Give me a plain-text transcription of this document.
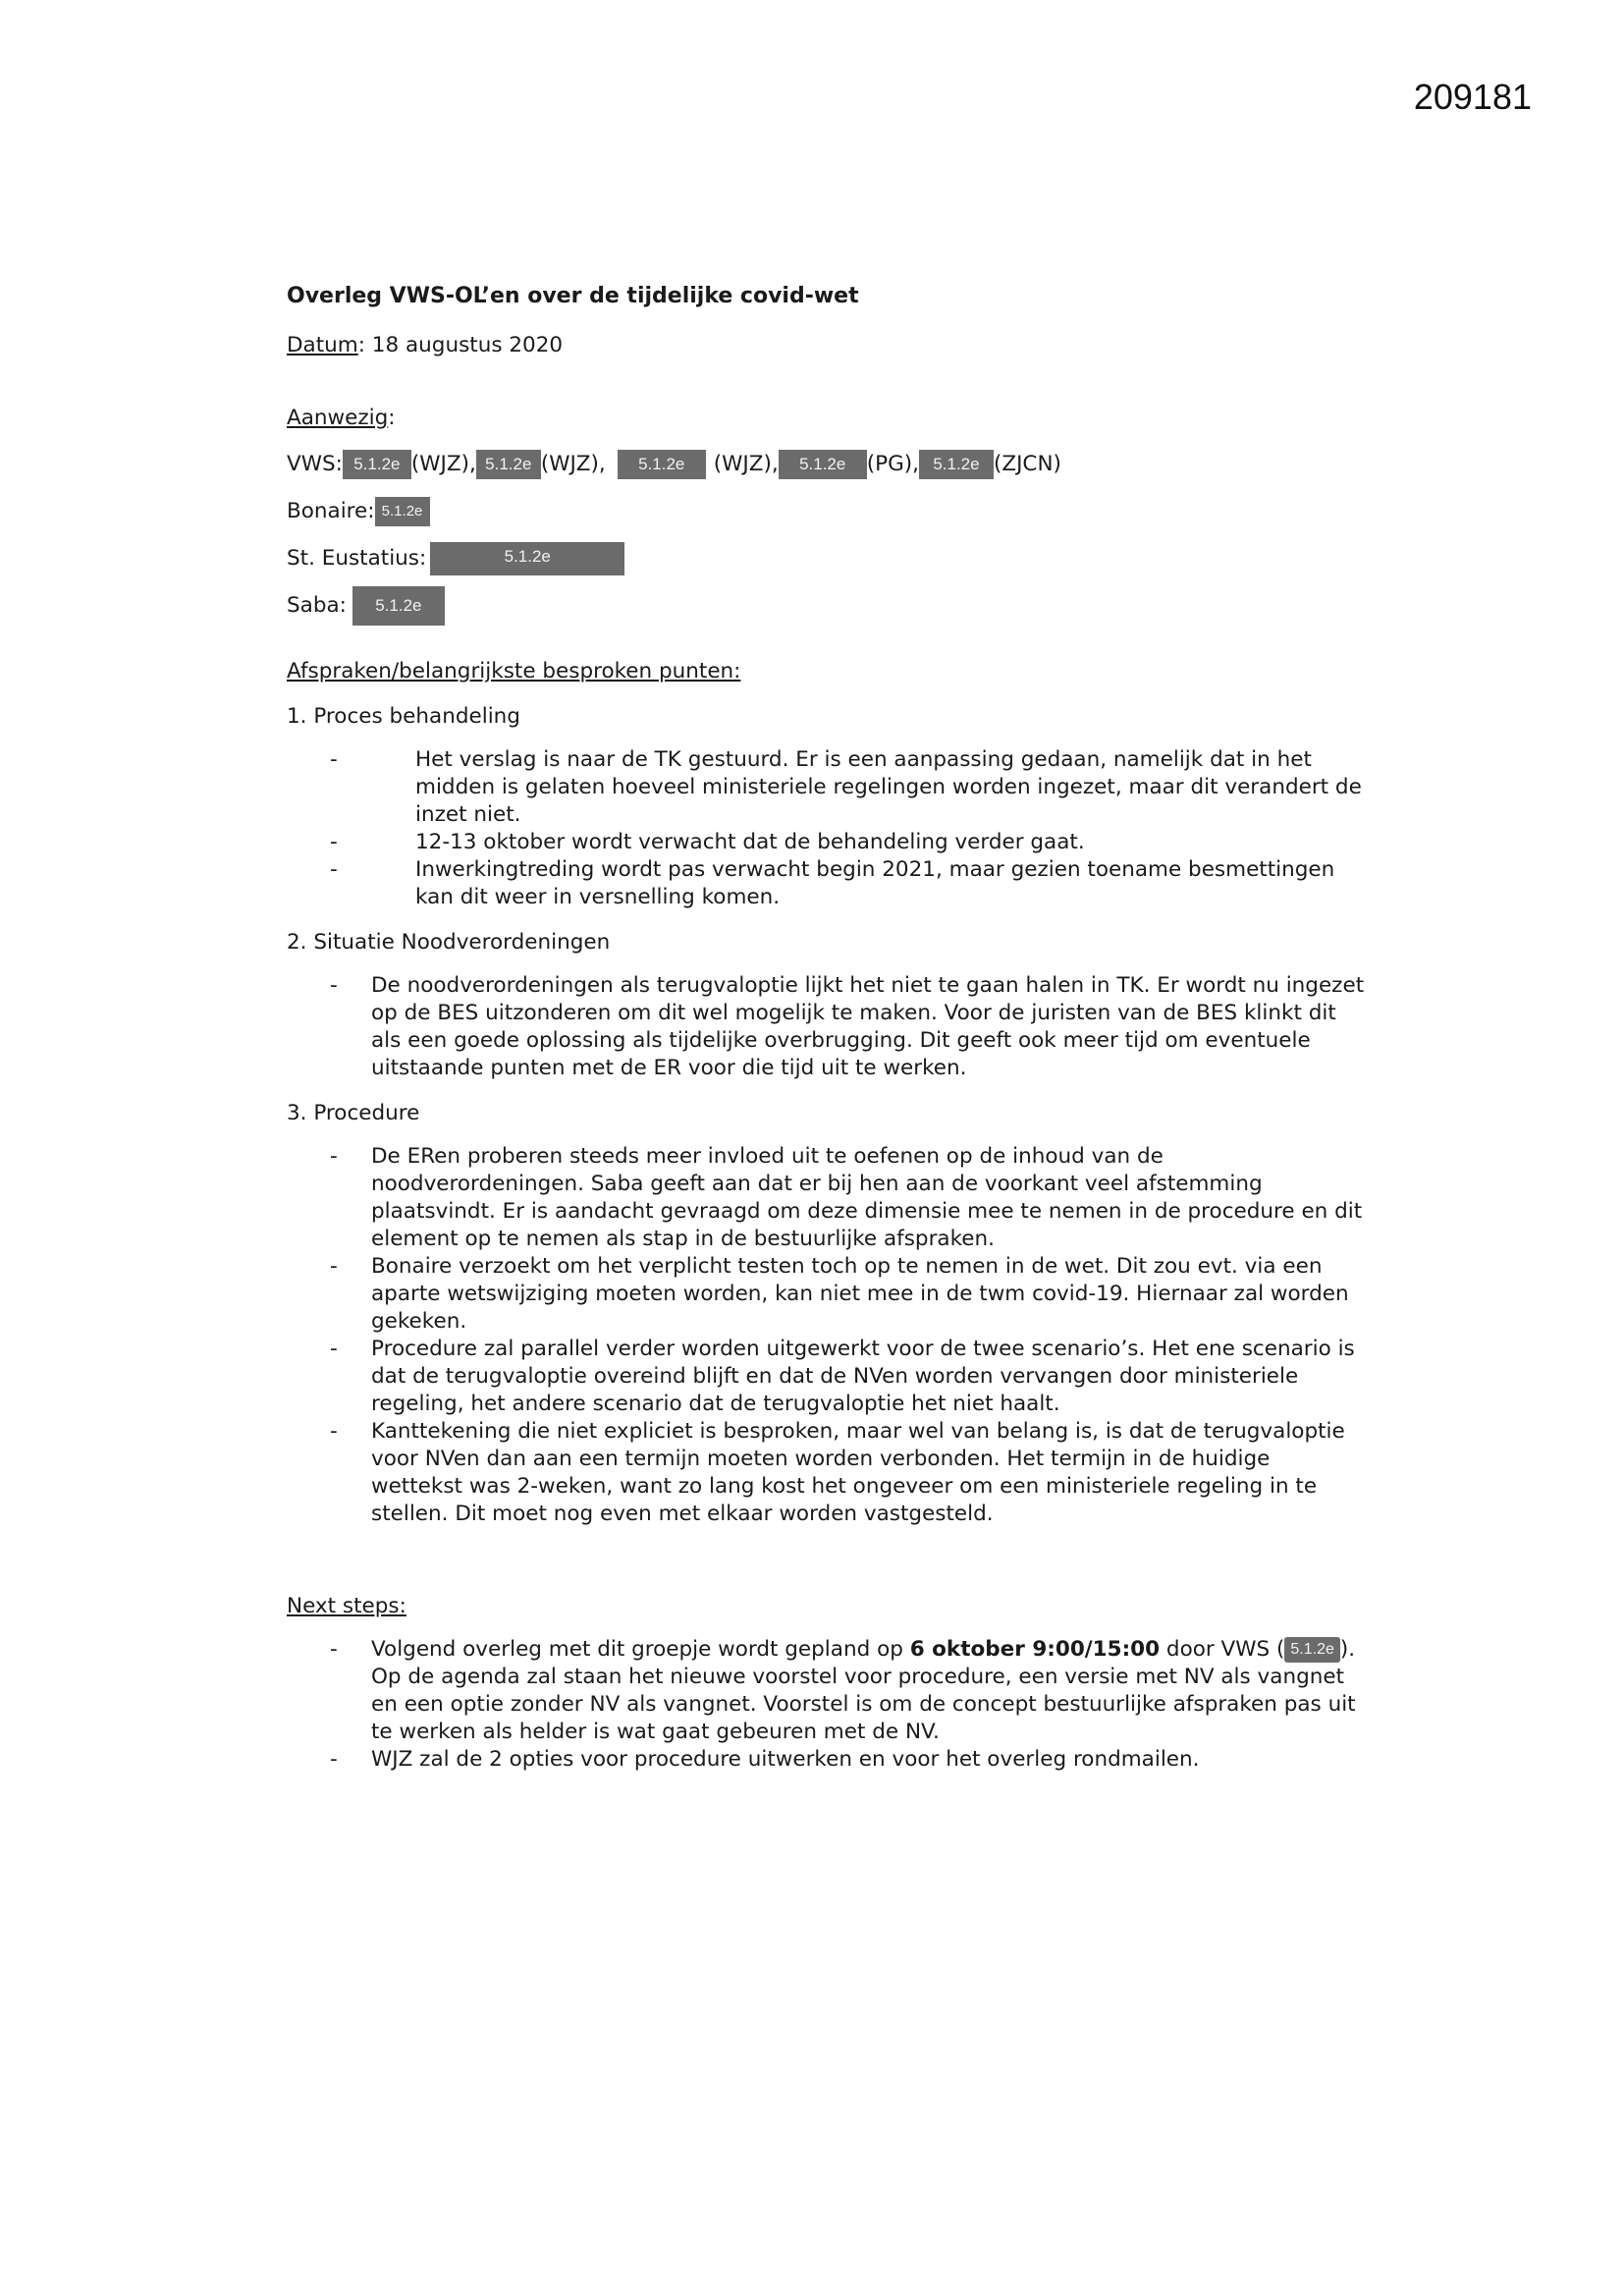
209181

Overleg VWS-OL’en over de tijdelijke covid-wet

Datum: 18 augustus 2020
Aanwezig:
VWS: 5.1.2e (WJZ), 5.1.2e (WJZ),	5.1.2e	(WJZ),	5.1.2e (PG), 5.1.2e (ZJCN)
Bonaire: 5.1.2e
St. Eustatius:	5.1.2e
Saba:	5.1.2e
Afspraken/belangrijkste besproken punten:
1. Proces behandeling
- Het verslag is naar de TK gestuurd. Er is een aanpassing gedaan, namelijk dat in het midden is gelaten hoeveel ministeriele regelingen worden ingezet, maar dit verandert de inzet niet.
- 12-13 oktober wordt verwacht dat de behandeling verder gaat.
- Inwerkingtreding wordt pas verwacht begin 2021, maar gezien toename besmettingen kan dit weer in versnelling komen.
2. Situatie Noodverordeningen
- De noodverordeningen als terugvaloptie lijkt het niet te gaan halen in TK. Er wordt nu ingezet op de BES uitzonderen om dit wel mogelijk te maken. Voor de juristen van de BES klinkt dit als een goede oplossing als tijdelijke overbrugging. Dit geeft ook meer tijd om eventuele uitstaande punten met de ER voor die tijd uit te werken.
3. Procedure
- De ERen proberen steeds meer invloed uit te oefenen op de inhoud van de noodverordeningen. Saba geeft aan dat er bij hen aan de voorkant veel afstemming plaatsvindt. Er is aandacht gevraagd om deze dimensie mee te nemen in de procedure en dit element op te nemen als stap in de bestuurlijke afspraken.
- Bonaire verzoekt om het verplicht testen toch op te nemen in de wet. Dit zou evt. via een aparte wetswijziging moeten worden, kan niet mee in de twm covid-19. Hiernaar zal worden gekeken.
- Procedure zal parallel verder worden uitgewerkt voor de twee scenario’s. Het ene scenario is dat de terugvaloptie overeind blijft en dat de NVen worden vervangen door ministeriele regeling, het andere scenario dat de terugvaloptie het niet haalt.
- Kanttekening die niet expliciet is besproken, maar wel van belang is, is dat de terugvaloptie voor NVen dan aan een termijn moeten worden verbonden. Het termijn in de huidige wettekst was 2-weken, want zo lang kost het ongeveer om een ministeriele regeling in te stellen. Dit moet nog even met elkaar worden vastgesteld.
Next steps:
- Volgend overleg met dit groepje wordt gepland op 6 oktober 9:00/15:00 door VWS ( 5.1.2e ). Op de agenda zal staan het nieuwe voorstel voor procedure, een versie met NV als vangnet en een optie zonder NV als vangnet. Voorstel is om de concept bestuurlijke afspraken pas uit te werken als helder is wat gaat gebeuren met de NV.
- WJZ zal de 2 opties voor procedure uitwerken en voor het overleg rondmailen.
